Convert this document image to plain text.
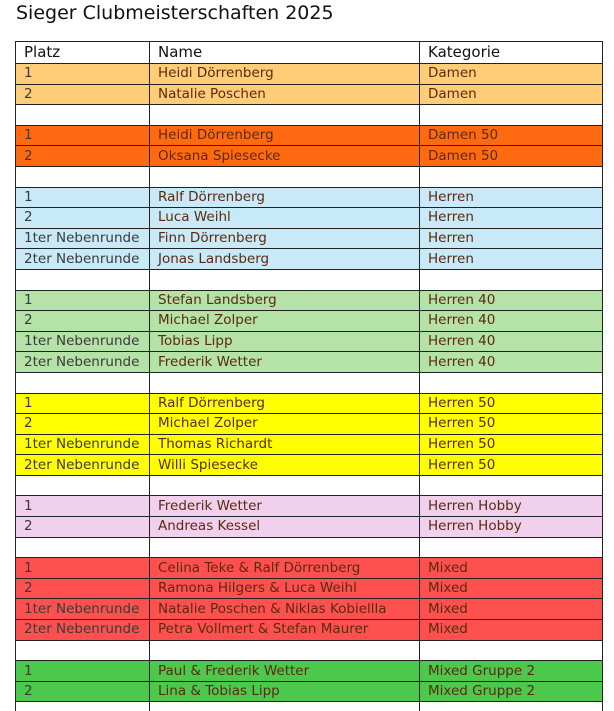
Sieger Clubmeisterschaften 2025
Platz	Name	Kategorie
1	Heidi Dörrenberg	Damen
2	Natalie Poschen	Damen

1	Heidi Dörrenberg	Damen 50
2	Oksana Spiesecke	Damen 50

1	Ralf Dörrenberg	Herren
2	Luca Weihl	Herren
1ter Nebenrunde	Finn Dörrenberg	Herren
2ter Nebenrunde	Jonas Landsberg	Herren

1	Stefan Landsberg	Herren 40
2	Michael Zolper	Herren 40
1ter Nebenrunde	Tobias Lipp	Herren 40
2ter Nebenrunde	Frederik Wetter	Herren 40

1	Ralf Dörrenberg	Herren 50
2	Michael Zolper	Herren 50
1ter Nebenrunde	Thomas Richardt	Herren 50
2ter Nebenrunde	Willi Spiesecke	Herren 50

1	Frederik Wetter	Herren Hobby
2	Andreas Kessel	Herren Hobby

1	Celina Teke & Ralf Dörrenberg	Mixed
2	Ramona Hilgers & Luca Weihl	Mixed
1ter Nebenrunde	Natalie Poschen & Niklas Kobiellla	Mixed
2ter Nebenrunde	Petra Vollmert & Stefan Maurer	Mixed

1	Paul & Frederik Wetter	Mixed Gruppe 2
2	Lina & Tobias Lipp	Mixed Gruppe 2
